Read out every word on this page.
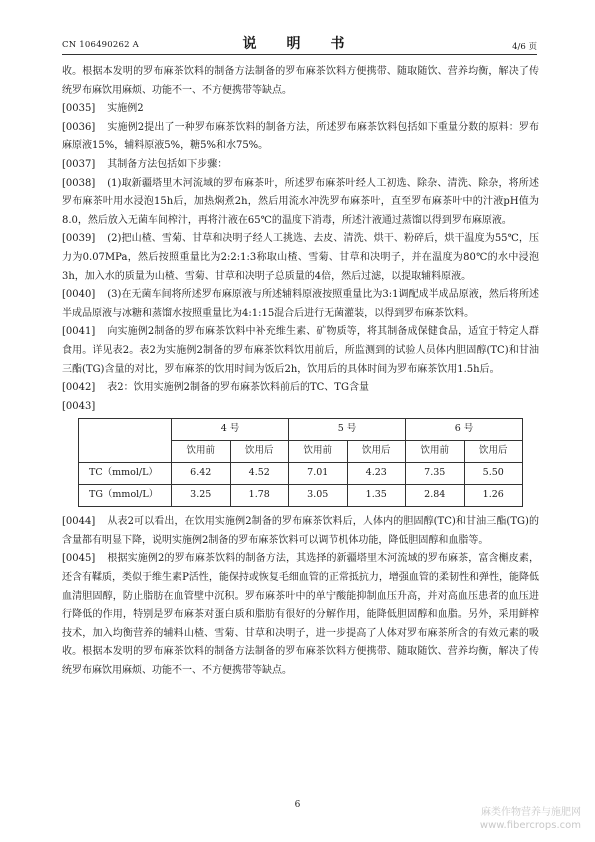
CN 106490262 A	说　明　书	4/6 页

收。根据本发明的罗布麻茶饮料的制备方法制备的罗布麻茶饮料方便携带、随取随饮、营养均衡，解决了传统罗布麻饮用麻烦、功能不一、不方便携带等缺点。

[0035] 实施例2

[0036] 实施例2提出了一种罗布麻茶饮料的制备方法，所述罗布麻茶饮料包括如下重量分数的原料：罗布麻原液15%，辅料原液5%，糖5%和水75%。

[0037] 其制备方法包括如下步骤：

[0038] (1)取新疆塔里木河流域的罗布麻茶叶，所述罗布麻茶叶经人工初选、除杂、清洗、除杂，将所述罗布麻茶叶用水浸泡15h后，加热焖煮2h，然后用流水冲洗罗布麻茶叶，直至罗布麻茶叶中的汁液pH值为8.0，然后放入无菌车间榨汁，再将汁液在65℃的温度下消毒，所述汁液通过蒸馏以得到罗布麻原液。

[0039] (2)把山楂、雪菊、甘草和决明子经人工挑选、去皮、清洗、烘干、粉碎后，烘干温度为55℃，压力为0.07MPa，然后按照重量比为2:2:1:3称取山楂、雪菊、甘草和决明子，并在温度为80℃的水中浸泡3h，加入水的质量为山楂、雪菊、甘草和决明子总质量的4倍，然后过滤，以提取辅料原液。

[0040] (3)在无菌车间将所述罗布麻原液与所述辅料原液按照重量比为3:1调配成半成品原液，然后将所述半成品原液与冰糖和蒸馏水按照重量比为4:1:15混合后进行无菌灌装，以得到罗布麻茶饮料。

[0041] 向实施例2制备的罗布麻茶饮料中补充维生素、矿物质等，将其制备成保健食品，适宜于特定人群食用。详见表2。表2为实施例2制备的罗布麻茶饮料饮用前后，所监测到的试验人员体内胆固醇(TC)和甘油三酯(TG)含量的对比，罗布麻茶的饮用时间为饭后2h，饮用后的具体时间为罗布麻茶饮用1.5h后。

[0042] 表2：饮用实施例2制备的罗布麻茶饮料前后的TC、TG含量

[0043]

	4 号		5 号		6 号	
	饮用前	饮用后	饮用前	饮用后	饮用前	饮用后
TC（mmol/L）	6.42	4.52	7.01	4.23	7.35	5.50
TG（mmol/L）	3.25	1.78	3.05	1.35	2.84	1.26

[0044] 从表2可以看出，在饮用实施例2制备的罗布麻茶饮料后，人体内的胆固醇(TC)和甘油三酯(TG)的含量都有明显下降，说明实施例2制备的罗布麻茶饮料可以调节机体功能，降低胆固醇和血脂等。

[0045] 根据实施例2的罗布麻茶饮料的制备方法，其选择的新疆塔里木河流域的罗布麻茶，富含槲皮素，还含有鞣质，类似于维生素P活性，能保持或恢复毛细血管的正常抵抗力，增强血管的柔韧性和弹性，能降低血清胆固醇，防止脂肪在血管壁中沉积。罗布麻茶叶中的单宁酸能抑制血压升高，并对高血压患者的血压进行降低的作用，特别是罗布麻茶对蛋白质和脂肪有很好的分解作用，能降低胆固醇和血脂。另外，采用鲜榨技术，加入均衡营养的辅料山楂、雪菊、甘草和决明子，进一步提高了人体对罗布麻茶所含的有效元素的吸收。根据本发明的罗布麻茶饮料的制备方法制备的罗布麻茶饮料方便携带、随取随饮、营养均衡，解决了传统罗布麻饮用麻烦、功能不一、不方便携带等缺点。

6
麻类作物营养与施肥网
www.fibercrops.com
